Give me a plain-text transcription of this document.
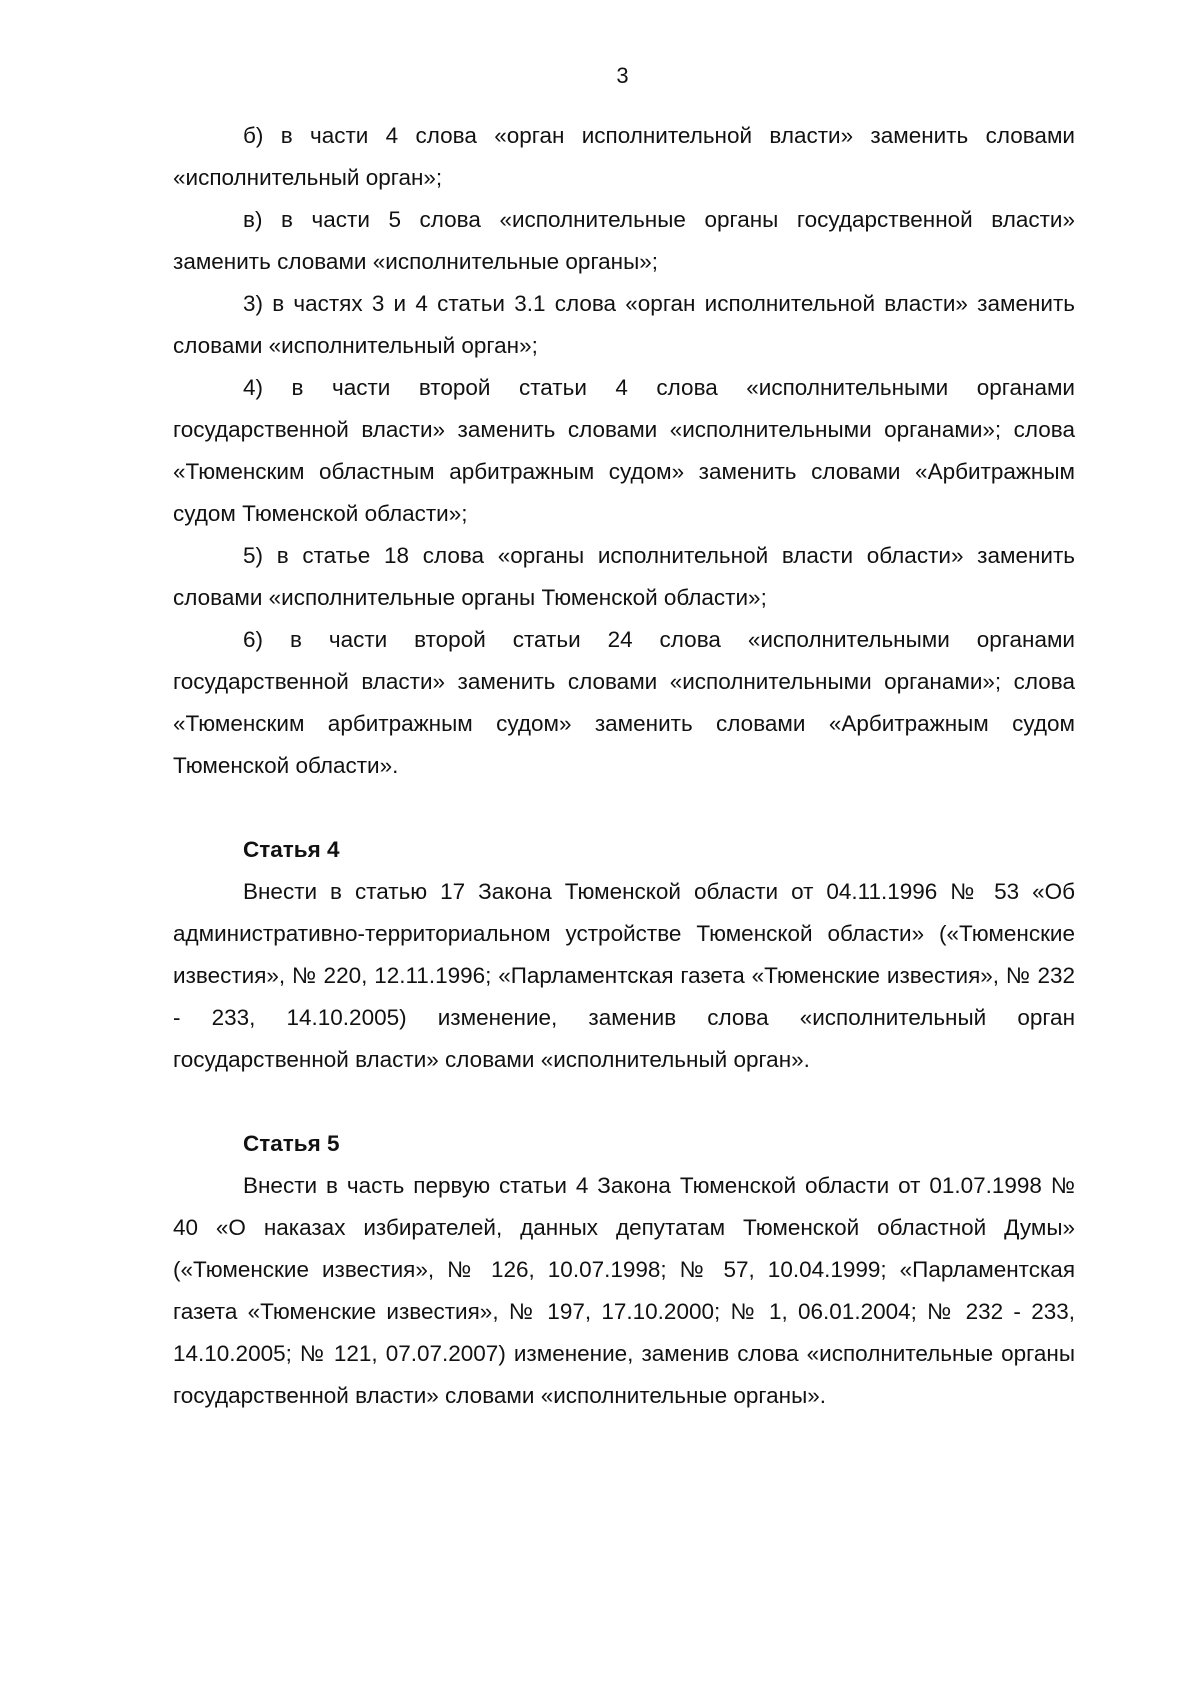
3

б) в части 4 слова «орган исполнительной власти» заменить словами «исполнительный орган»;

в) в части 5 слова «исполнительные органы государственной власти» заменить словами «исполнительные органы»;

3) в частях 3 и 4 статьи 3.1 слова «орган исполнительной власти» заменить словами «исполнительный орган»;

4) в части второй статьи 4 слова «исполнительными органами государственной власти» заменить словами «исполнительными органами»; слова «Тюменским областным арбитражным судом» заменить словами «Арбитражным судом Тюменской области»;

5) в статье 18 слова «органы исполнительной власти области» заменить словами «исполнительные органы Тюменской области»;

6) в части второй статьи 24 слова «исполнительными органами государственной власти» заменить словами «исполнительными органами»; слова «Тюменским арбитражным судом» заменить словами «Арбитражным судом Тюменской области».

Статья 4

Внести в статью 17 Закона Тюменской области от 04.11.1996 № 53 «Об административно-территориальном устройстве Тюменской области» («Тюменские известия», № 220, 12.11.1996; «Парламентская газета «Тюменские известия», № 232 - 233, 14.10.2005) изменение, заменив слова «исполнительный орган государственной власти» словами «исполнительный орган».

Статья 5

Внести в часть первую статьи 4 Закона Тюменской области от 01.07.1998 № 40 «О наказах избирателей, данных депутатам Тюменской областной Думы» («Тюменские известия», № 126, 10.07.1998; № 57, 10.04.1999; «Парламентская газета «Тюменские известия», № 197, 17.10.2000; № 1, 06.01.2004; № 232 - 233, 14.10.2005; № 121, 07.07.2007) изменение, заменив слова «исполнительные органы государственной власти» словами «исполнительные органы».
